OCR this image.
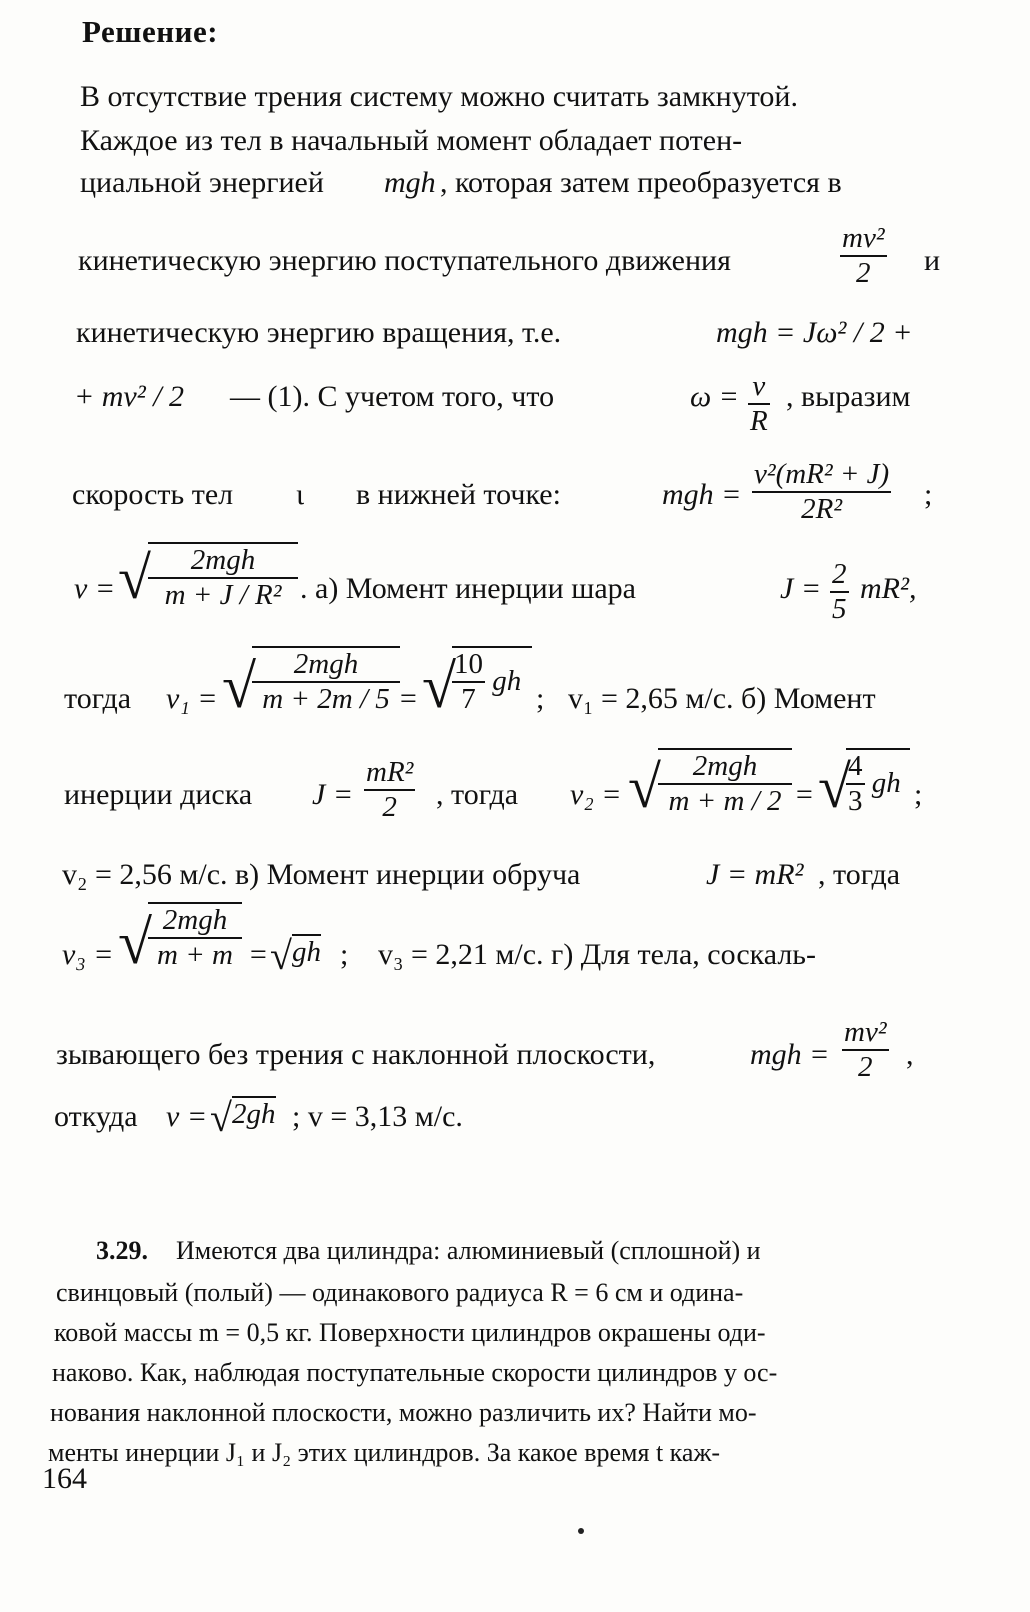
Решение:
В отсутствие трения систему можно считать замкнутой.
Каждое из тел в начальный момент обладает потен-
циальной энергией mgh , которая затем преобразуется в
кинетическую энергию поступательного движения	$\frac{\text{mv²}}{2}$ и
кинетическую энергию вращения, т.е.	mgh = Jω² / 2 +
+ mv² / 2 — (1). С учетом того, что	$\omega = \frac{v}{R}$ , выразим
скорость тел ι в нижней точке:	mgh = $\frac{\text{v²(mR² + J)}}{\text{2R²}}$ ;
v = √	2mgh
m + J / R² . а) Момент инерции шара	$J = \frac{2}{5} mR^2$,
тогда v₁ = √	2mgh
m + 2m / 5 = √
$\frac{10}{7}$ gh
; v₁ = 2,65 м/с. б) Момент
инерции диска $J = \frac{\text{mR²}}{2}$ , тогда v₂ = √	2mgh
m + m / 2 = √
$\frac{4}{3}$ gh ;
v₂ = 2,56 м/с. в) Момент инерции обруча	J = mR² , тогда
v₃ = √ 2mgh
m + m = √ gh ; v₃ = 2,21 м/с. г) Для тела, соскаль-
зывающего без трения с наклонной плоскости,	mgh = $\frac{\text{mv²}}{2}$ ,
откуда v = √ 2gh ; v = 3,13 м/с.
3.29. Имеются два цилиндра: алюминиевый (сплошной) и
свинцовый (полый) — одинакового радиуса R = 6 см и одина-
ковой массы m = 0,5 кг. Поверхности цилиндров окрашены оди-
наково. Как, наблюдая поступательные скорости цилиндров у ос-
нования наклонной плоскости, можно различить их? Найти мо-
менты инерции J₁ и J₂ этих цилиндров. За какое время t каж-
164
